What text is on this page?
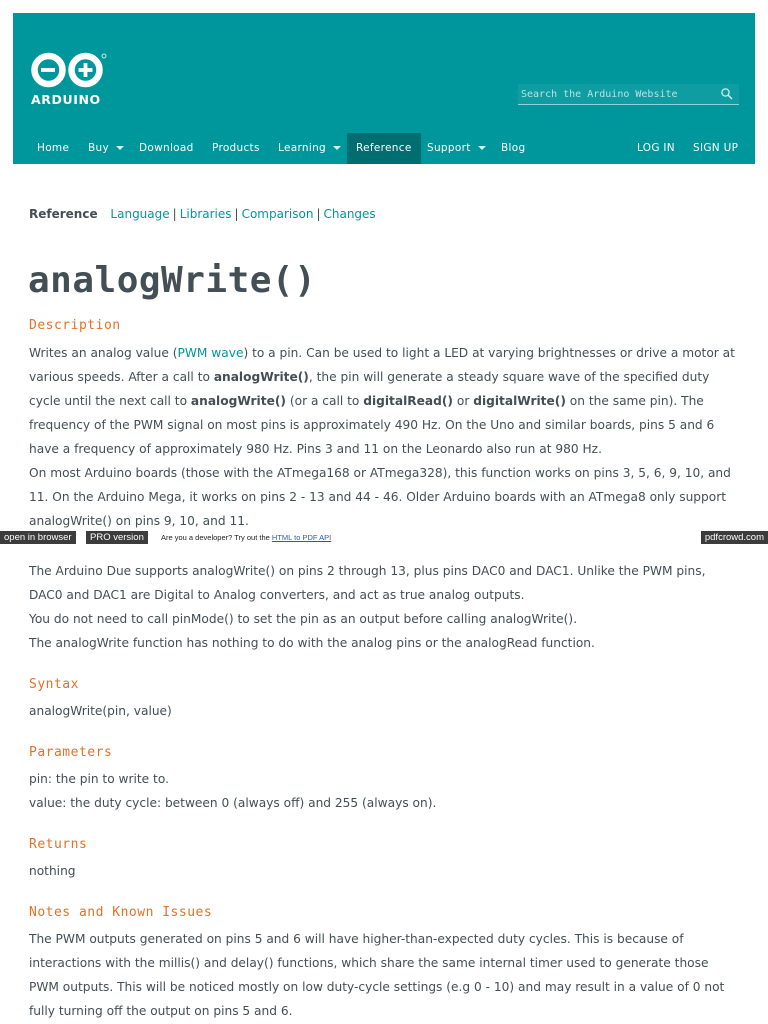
ARDUINO
Search the Arduino Website
Home	Buy	Download	Products	Learning	Reference	Support	Blog	LOG IN	SIGN UP
Reference Language | Libraries | Comparison | Changes
analogWrite()
Description
Writes an analog value (PWM wave) to a pin. Can be used to light a LED at varying brightnesses or drive a motor at various speeds. After a call to analogWrite(), the pin will generate a steady square wave of the specified duty cycle until the next call to analogWrite() (or a call to digitalRead() or digitalWrite() on the same pin). The frequency of the PWM signal on most pins is approximately 490 Hz. On the Uno and similar boards, pins 5 and 6 have a frequency of approximately 980 Hz. Pins 3 and 11 on the Leonardo also run at 980 Hz.
On most Arduino boards (those with the ATmega168 or ATmega328), this function works on pins 3, 5, 6, 9, 10, and 11. On the Arduino Mega, it works on pins 2 - 13 and 44 - 46. Older Arduino boards with an ATmega8 only support analogWrite() on pins 9, 10, and 11.
open in browser	PRO version	Are you a developer? Try out the HTML to PDF API	pdfcrowd.com
The Arduino Due supports analogWrite() on pins 2 through 13, plus pins DAC0 and DAC1. Unlike the PWM pins, DAC0 and DAC1 are Digital to Analog converters, and act as true analog outputs.
You do not need to call pinMode() to set the pin as an output before calling analogWrite().
The analogWrite function has nothing to do with the analog pins or the analogRead function.
Syntax
analogWrite(pin, value)
Parameters
pin: the pin to write to.
value: the duty cycle: between 0 (always off) and 255 (always on).
Returns
nothing
Notes and Known Issues
The PWM outputs generated on pins 5 and 6 will have higher-than-expected duty cycles. This is because of interactions with the millis() and delay() functions, which share the same internal timer used to generate those PWM outputs. This will be noticed mostly on low duty-cycle settings (e.g 0 - 10) and may result in a value of 0 not fully turning off the output on pins 5 and 6.
